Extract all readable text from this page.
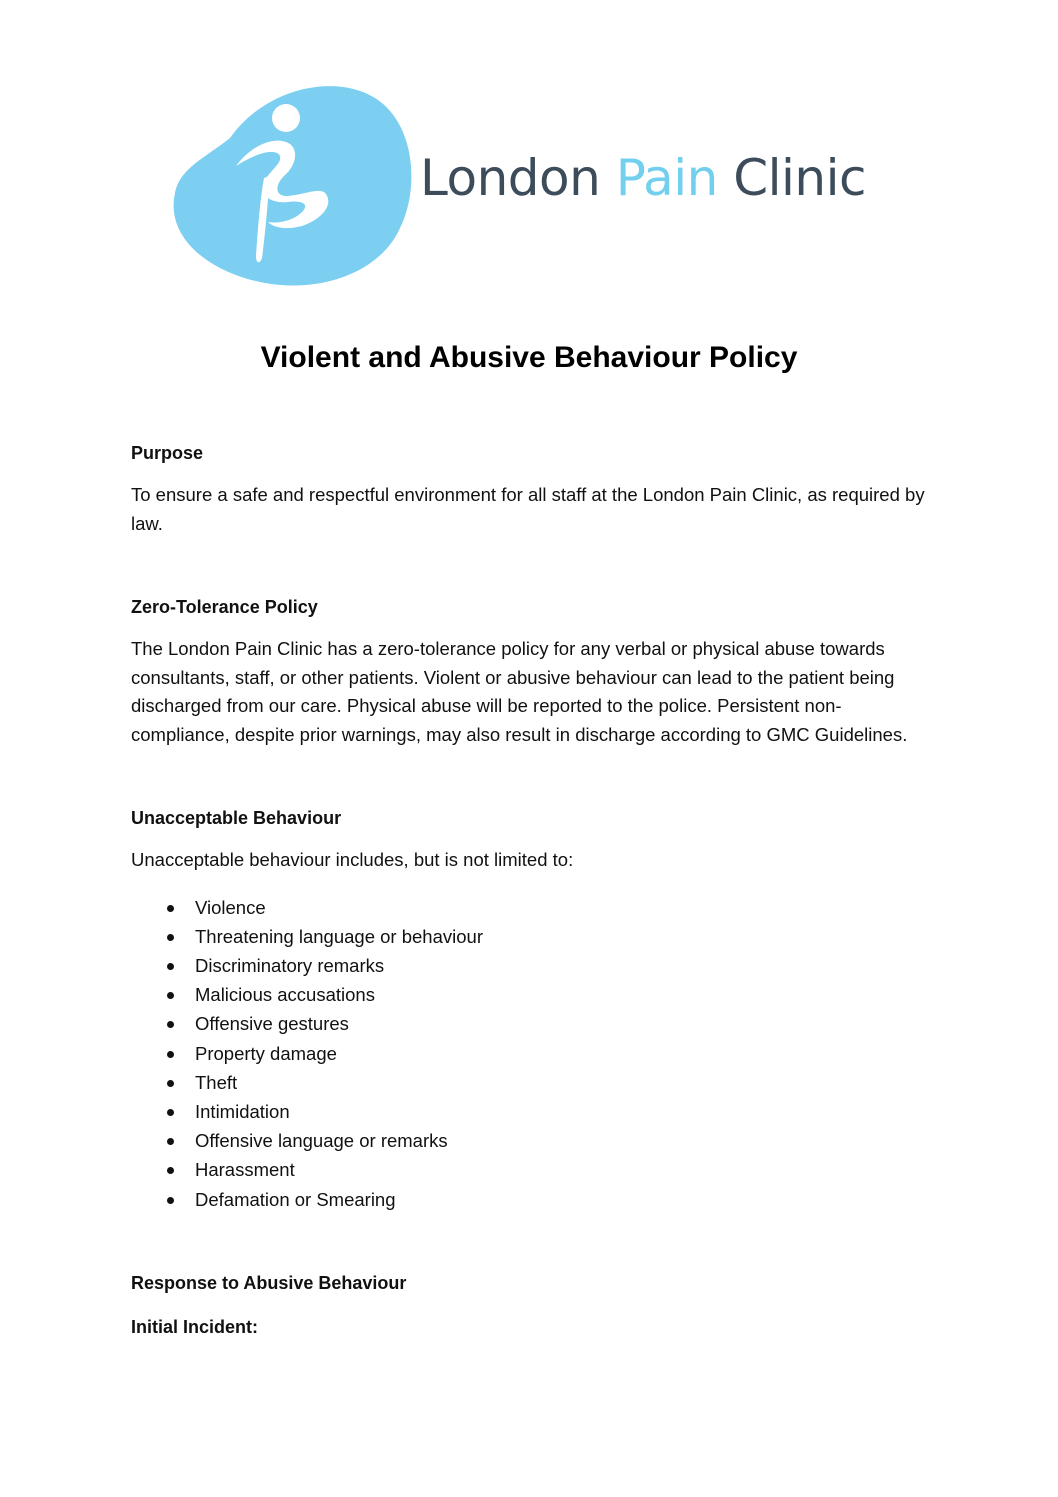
London Pain Clinic
Violent and Abusive Behaviour Policy
Purpose

To ensure a safe and respectful environment for all staff at the London Pain Clinic, as required by law.

Zero-Tolerance Policy

The London Pain Clinic has a zero-tolerance policy for any verbal or physical abuse towards consultants, staff, or other patients. Violent or abusive behaviour can lead to the patient being discharged from our care. Physical abuse will be reported to the police. Persistent non-compliance, despite prior warnings, may also result in discharge according to GMC Guidelines.

Unacceptable Behaviour

Unacceptable behaviour includes, but is not limited to:

Violence
Threatening language or behaviour
Discriminatory remarks
Malicious accusations
Offensive gestures
Property damage
Theft
Intimidation
Offensive language or remarks
Harassment
Defamation or Smearing
Response to Abusive Behaviour
Initial Incident:
